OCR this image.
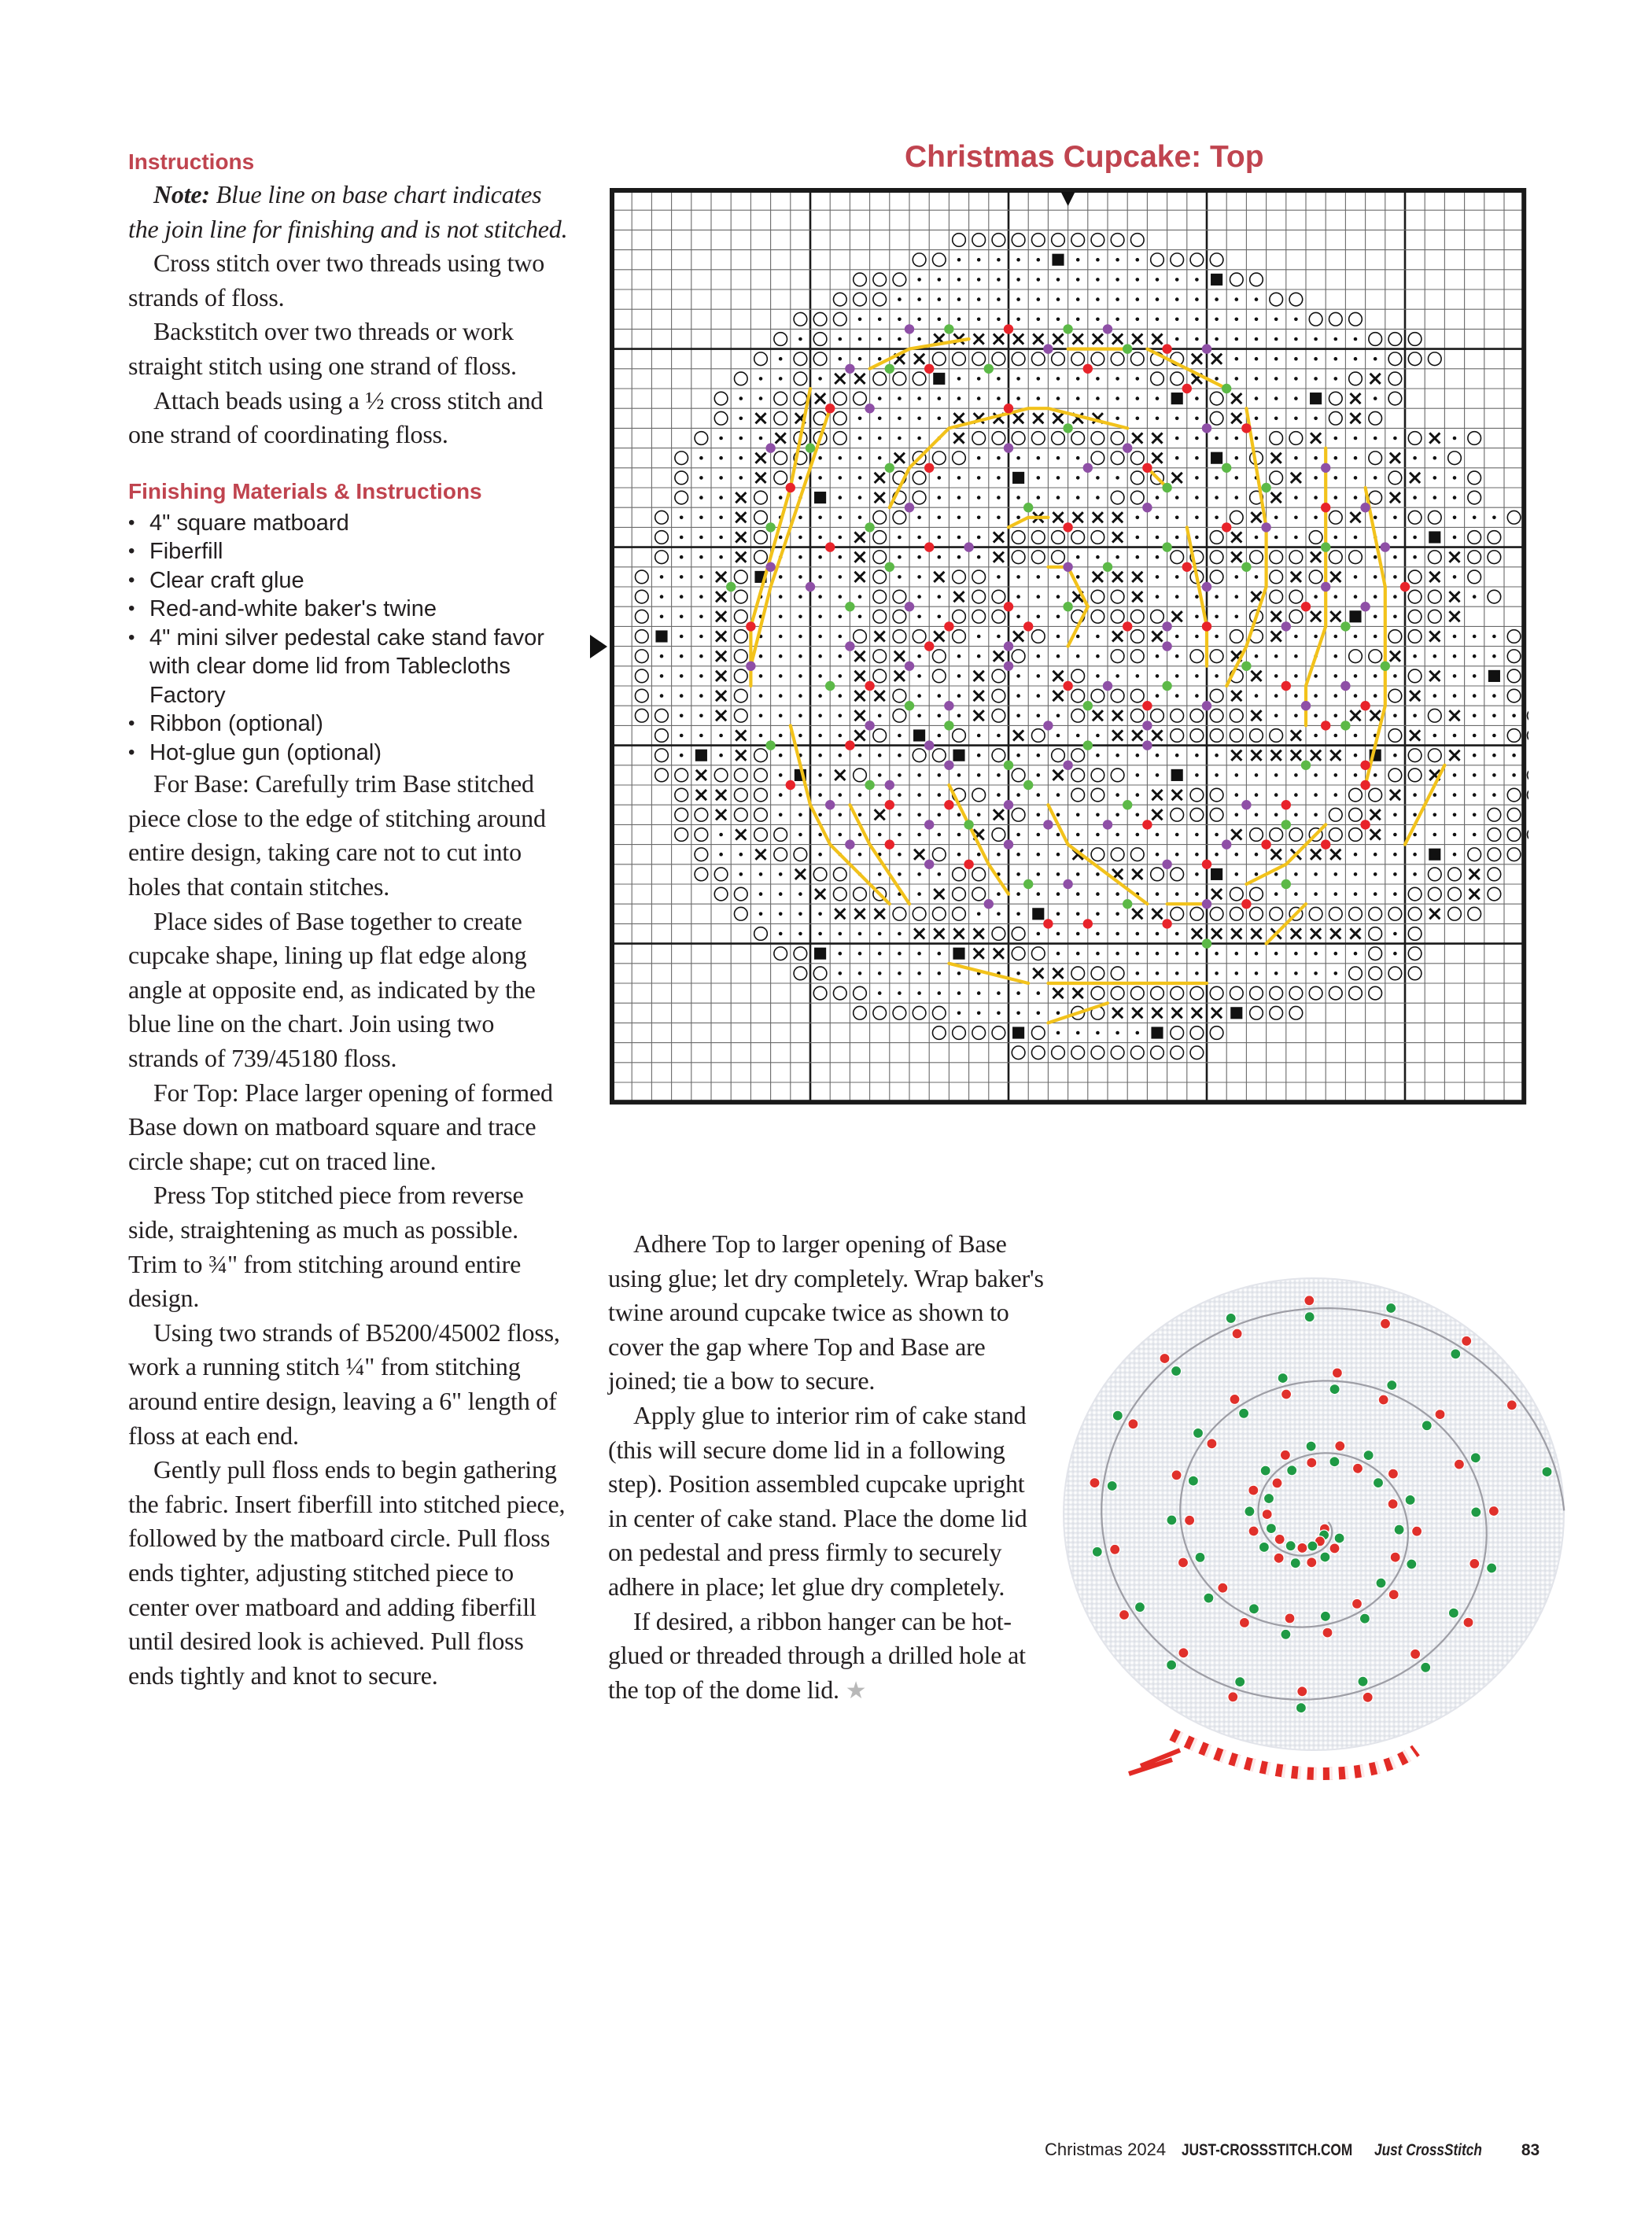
Instructions

Note: Blue line on base chart indicates the join line for finishing and is not stitched.

Cross stitch over two threads using two strands of floss.

Backstitch over two threads or work straight stitch using one strand of floss.

Attach beads using a ½ cross stitch and one strand of coordinating floss.

Finishing Materials & Instructions
• 4" square matboard
• Fiberfill
• Clear craft glue
• Red-and-white baker's twine
• 4" mini silver pedestal cake stand favor with clear dome lid from Tablecloths Factory
• Ribbon (optional)
• Hot-glue gun (optional)

For Base: Carefully trim Base stitched piece close to the edge of stitching around entire design, taking care not to cut into holes that contain stitches.

Place sides of Base together to create cupcake shape, lining up flat edge along angle at opposite end, as indicated by the blue line on the chart. Join using two strands of 739/45180 floss.

For Top: Place larger opening of formed Base down on matboard square and trace circle shape; cut on traced line.

Press Top stitched piece from reverse side, straightening as much as possible. Trim to ¾" from stitching around entire design.

Using two strands of B5200/45002 floss, work a running stitch ¼" from stitching around entire design, leaving a 6" length of floss at each end.

Gently pull floss ends to begin gathering the fabric. Insert fiberfill into stitched piece, followed by the matboard circle. Pull floss ends tighter, adjusting stitched piece to center over matboard and adding fiberfill until desired look is achieved. Pull floss ends tightly and knot to secure.

Christmas Cupcake: Top

Adhere Top to larger opening of Base using glue; let dry completely. Wrap baker's twine around cupcake twice as shown to cover the gap where Top and Base are joined; tie a bow to secure.

Apply glue to interior rim of cake stand (this will secure dome lid in a following step). Position assembled cupcake upright in center of cake stand. Place the dome lid on pedestal and press firmly to securely adhere in place; let glue dry completely.

If desired, a ribbon hanger can be hot-glued or threaded through a drilled hole at the top of the dome lid. ★

Christmas 2024 JUST-CROSSSTITCH.COM Just CrossStitch 83
